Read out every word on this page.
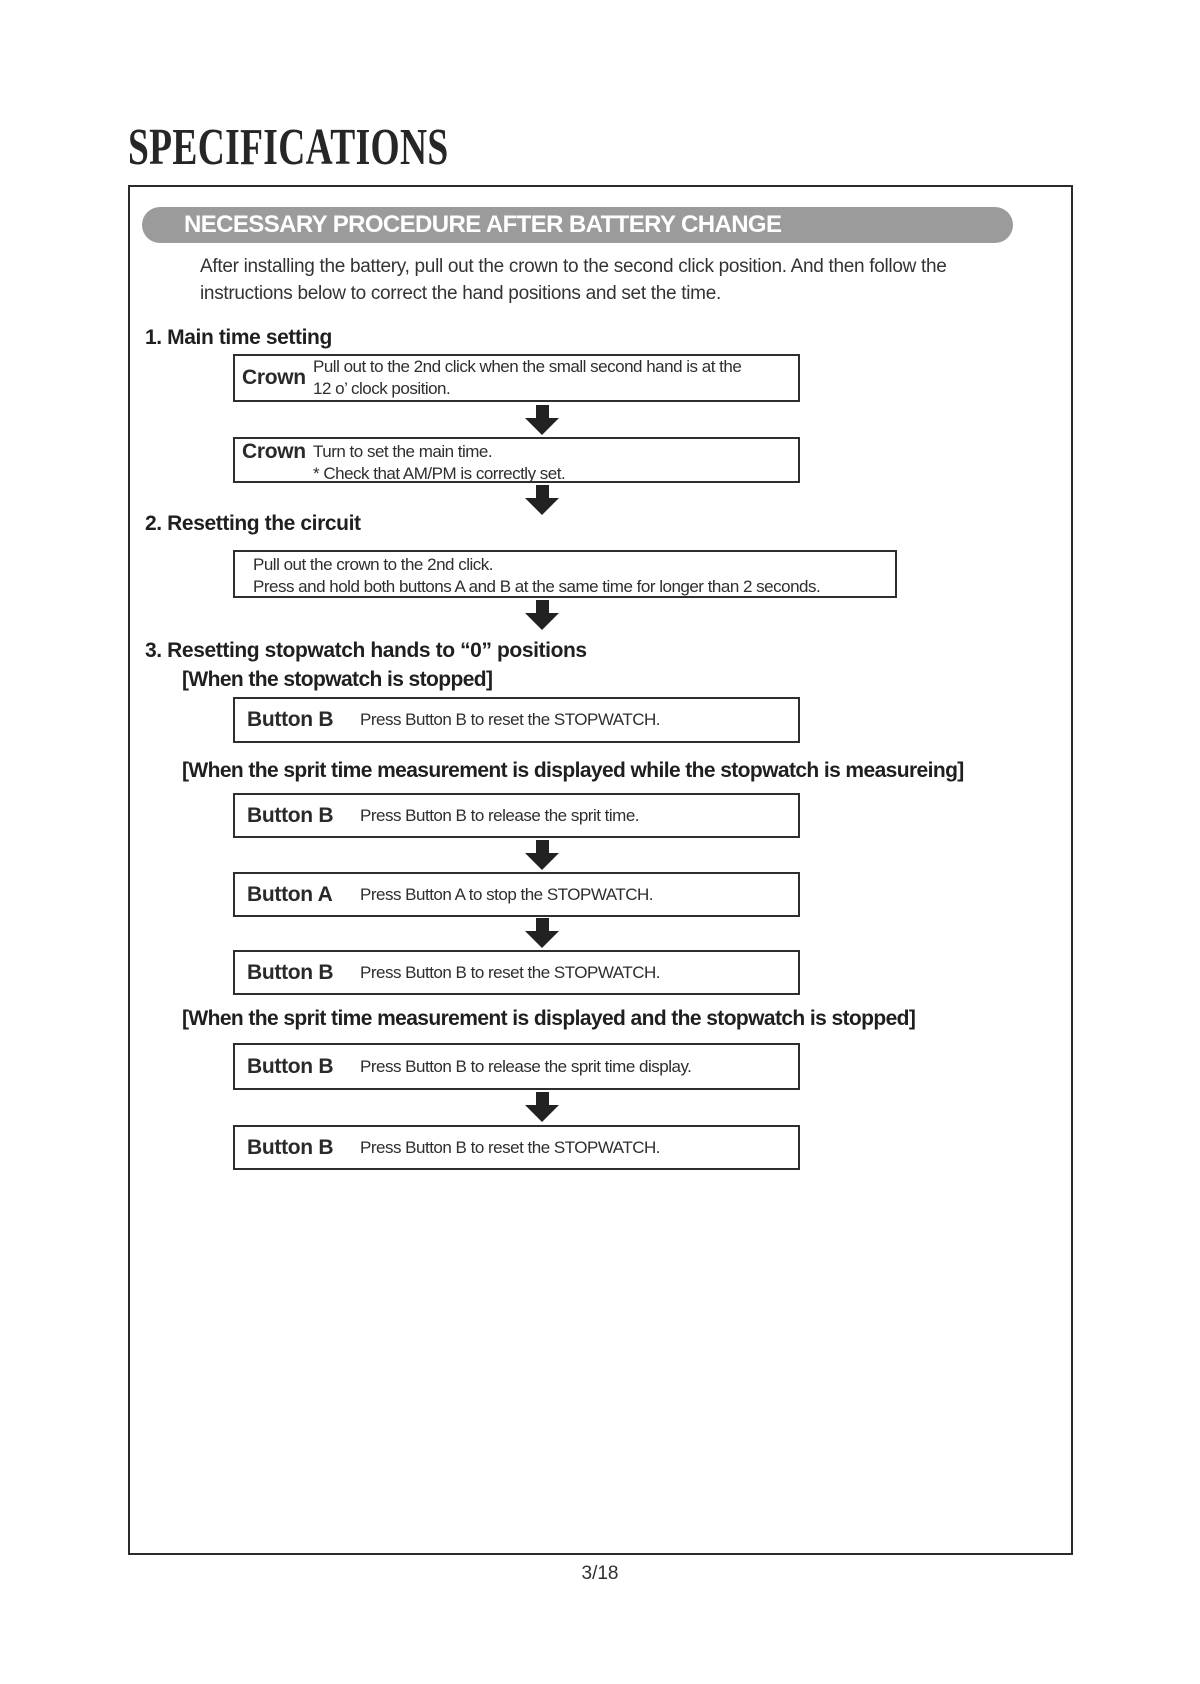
SPECIFICATIONS
NECESSARY PROCEDURE AFTER BATTERY CHANGE
After installing the battery, pull out the crown to the second click position. And then follow the
instructions below to correct the hand positions and set the time.
1. Main time setting
Crown Pull out to the 2nd click when the small second hand is at the
12 o’ clock position.
Crown Turn to set the main time.
* Check that AM/PM is correctly set.
2. Resetting the circuit
Pull out the crown to the 2nd click.
Press and hold both buttons A and B at the same time for longer than 2 seconds.
3. Resetting stopwatch hands to “0” positions
[When the stopwatch is stopped]
Button B	Press Button B to reset the STOPWATCH.
[When the sprit time measurement is displayed while the stopwatch is measureing]
Button B	Press Button B to release the sprit time.
Button A	Press Button A to stop the STOPWATCH.
Button B	Press Button B to reset the STOPWATCH.
[When the sprit time measurement is displayed and the stopwatch is stopped]
Button B	Press Button B to release the sprit time display.
Button B	Press Button B to reset the STOPWATCH.
3/18
